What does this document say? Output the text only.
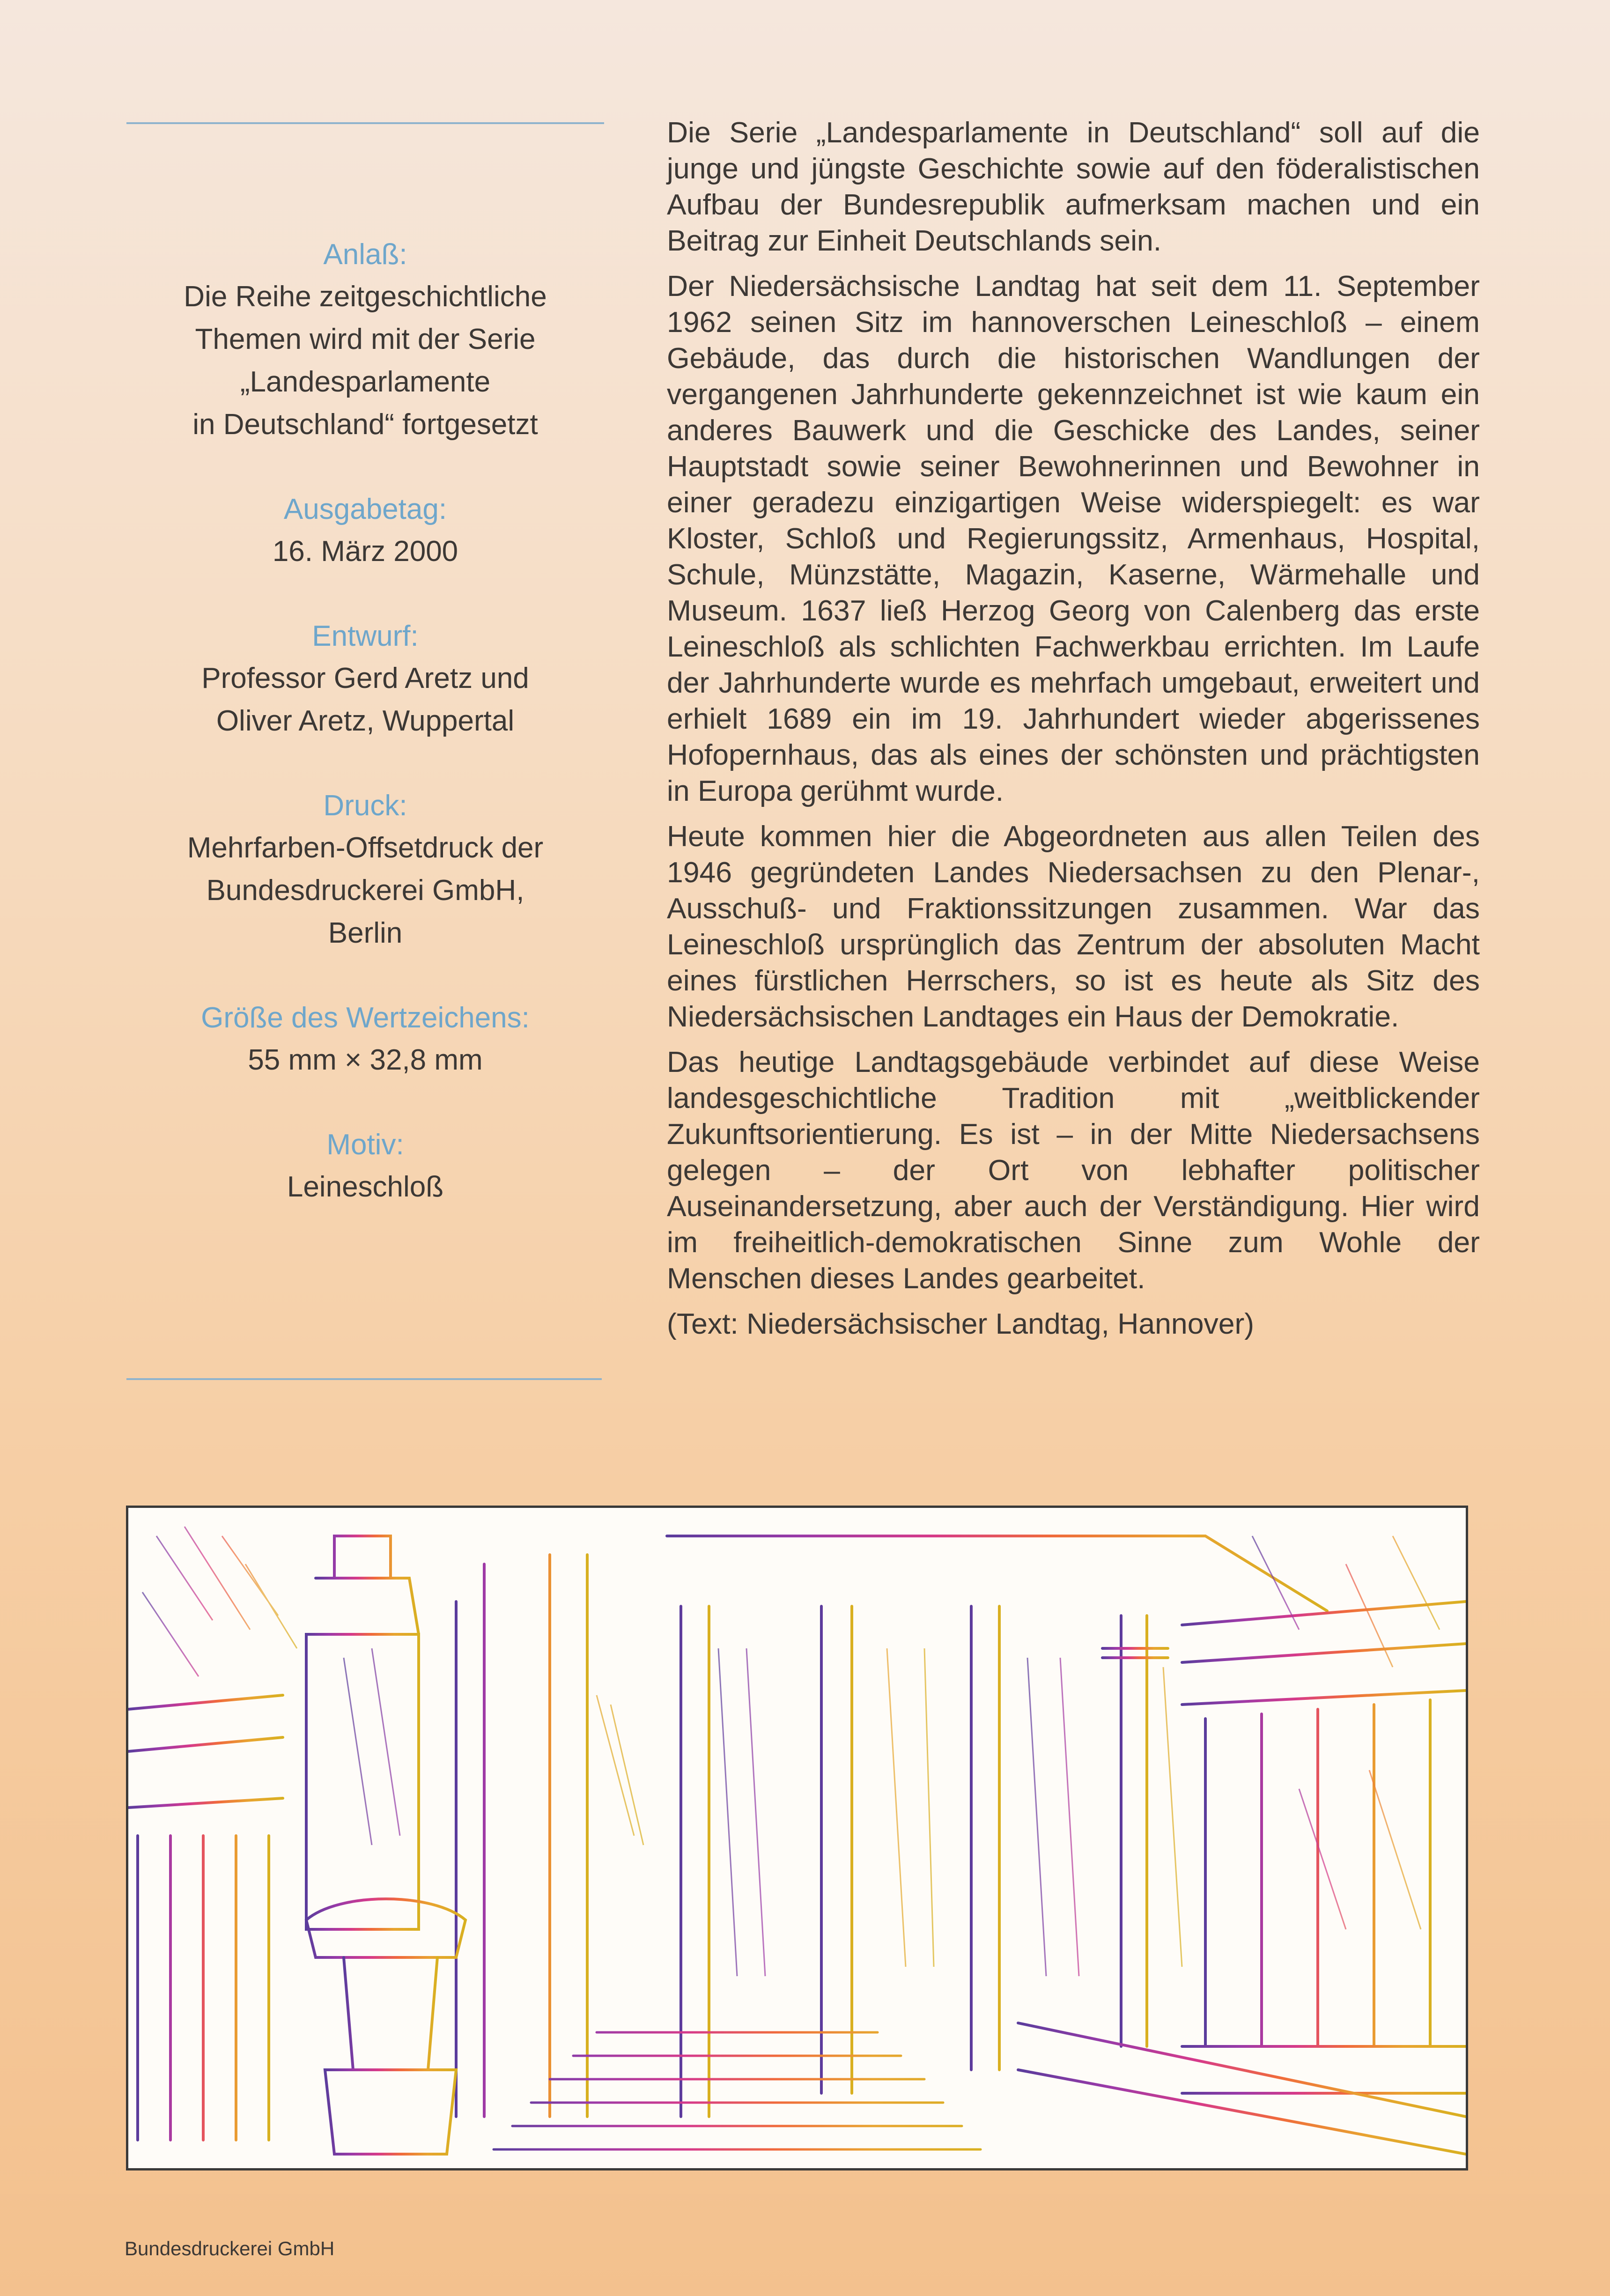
Anlaß:
Die Reihe zeitgeschichtliche
Themen wird mit der Serie
„Landesparlamente
in Deutschland“ fortgesetzt
Ausgabetag:
16. März 2000
Entwurf:
Professor Gerd Aretz und
Oliver Aretz, Wuppertal
Druck:
Mehrfarben-Offsetdruck der
Bundesdruckerei GmbH,
Berlin
Größe des Wertzeichens:
55 mm × 32,8 mm
Motiv:
Leineschloß

Die Serie „Landesparlamente in Deutschland“ soll auf die junge und jüngste Geschichte sowie auf den föderalistischen Aufbau der Bundesrepublik aufmerksam machen und ein Beitrag zur Einheit Deutschlands sein.

Der Niedersächsische Landtag hat seit dem 11. September 1962 seinen Sitz im hannoverschen Leineschloß – einem Gebäude, das durch die historischen Wandlungen der vergangenen Jahrhunderte gekennzeichnet ist wie kaum ein anderes Bauwerk und die Geschicke des Landes, seiner Hauptstadt sowie seiner Bewohnerinnen und Bewohner in einer geradezu einzigartigen Weise widerspiegelt: es war Kloster, Schloß und Regierungssitz, Armenhaus, Hospital, Schule, Münzstätte, Magazin, Kaserne, Wärmehalle und Museum. 1637 ließ Herzog Georg von Calenberg das erste Leineschloß als schlichten Fachwerkbau errichten. Im Laufe der Jahrhunderte wurde es mehrfach umgebaut, erweitert und erhielt 1689 ein im 19. Jahrhundert wieder abgerissenes Hofopernhaus, das als eines der schönsten und prächtigsten in Europa gerühmt wurde.

Heute kommen hier die Abgeordneten aus allen Teilen des 1946 gegründeten Landes Niedersachsen zu den Plenar-, Ausschuß- und Fraktionssitzungen zusammen. War das Leineschloß ursprünglich das Zentrum der absoluten Macht eines fürstlichen Herrschers, so ist es heute als Sitz des Niedersächsischen Landtages ein Haus der Demokratie.

Das heutige Landtagsgebäude verbindet auf diese Weise landesgeschichtliche Tradition mit „weitblickender Zukunftsorientierung. Es ist – in der Mitte Niedersachsens gelegen – der Ort von lebhafter politischer Auseinandersetzung, aber auch der Verständigung. Hier wird im freiheitlich-demokratischen Sinne zum Wohle der Menschen dieses Landes gearbeitet.

(Text: Niedersächsischer Landtag, Hannover)

Bundesdruckerei GmbH
